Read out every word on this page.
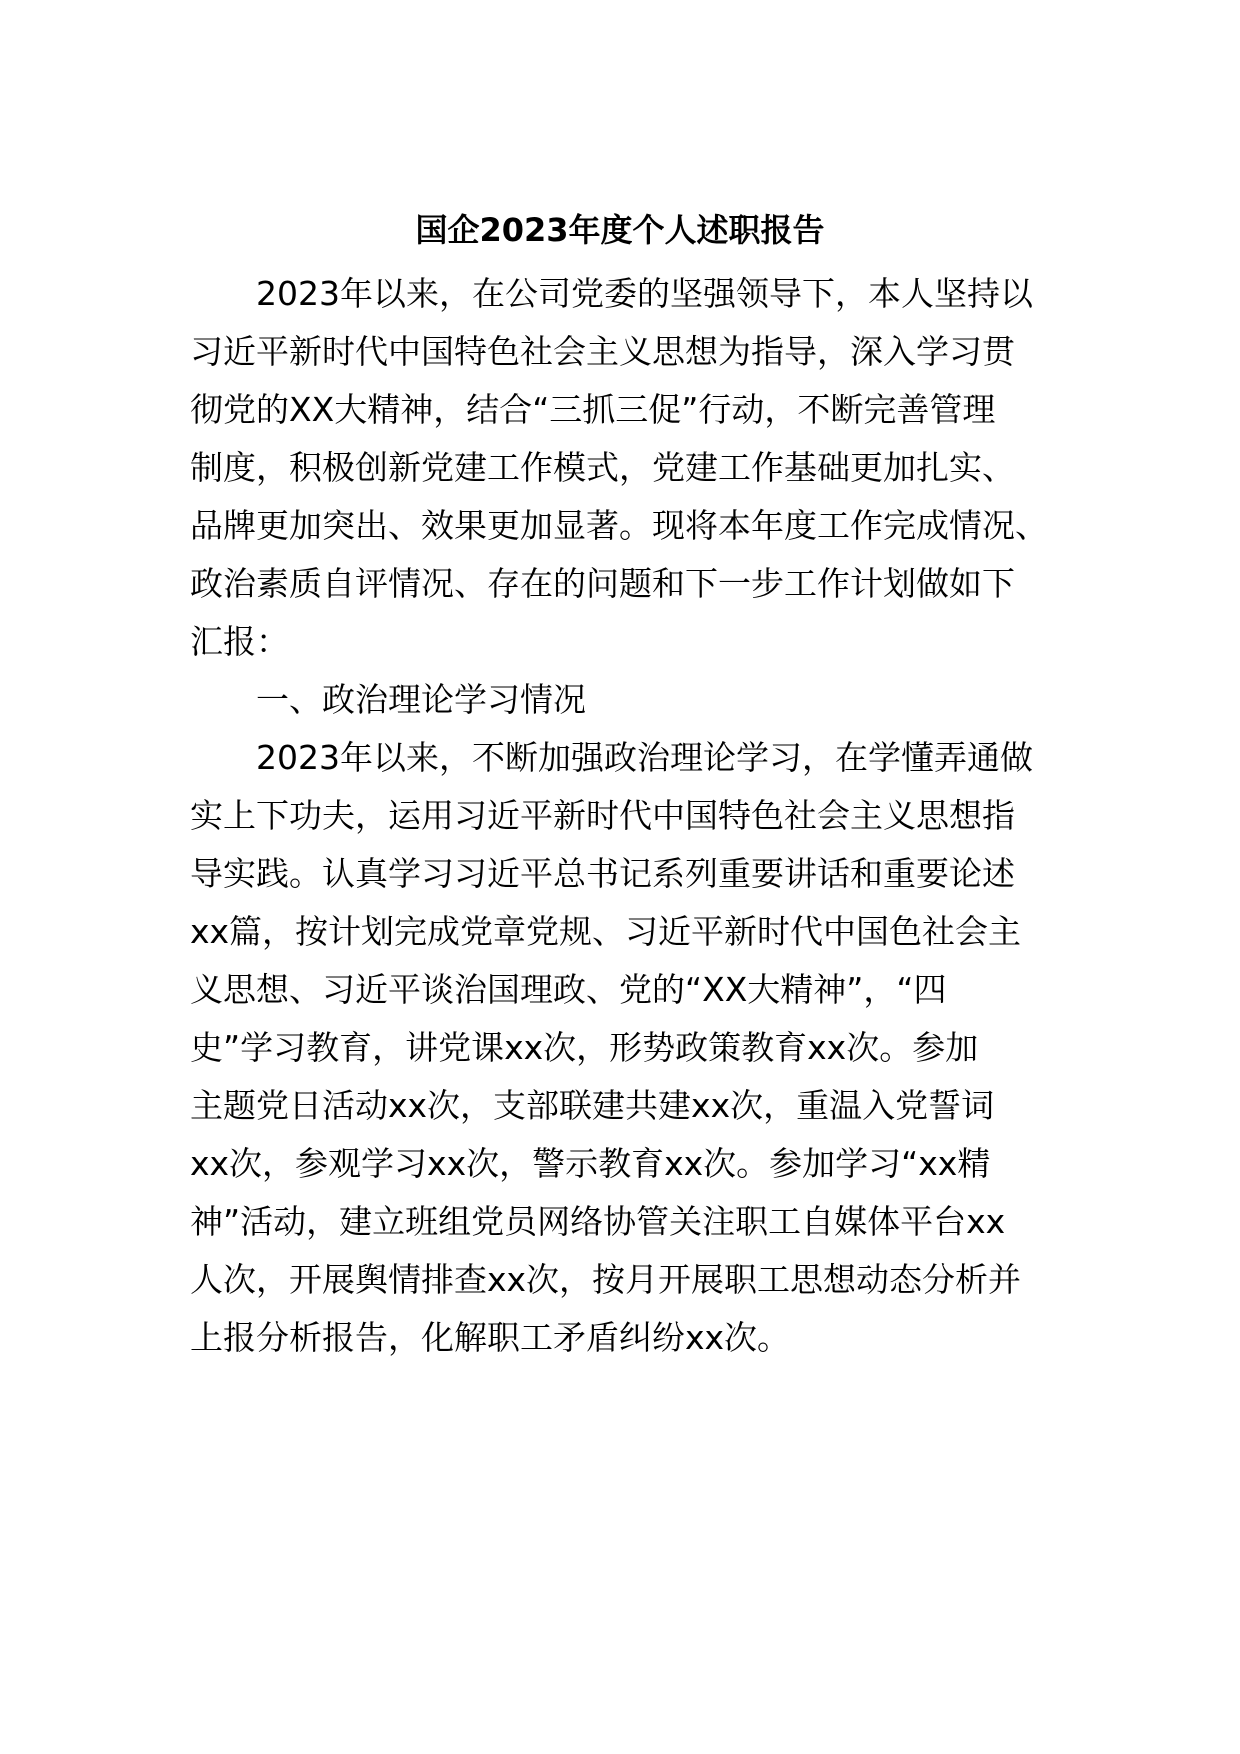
国企2023年度个人述职报告
2023年以来，在公司党委的坚强领导下，本人坚持以
习近平新时代中国特色社会主义思想为指导，深入学习贯
彻党的XX大精神，结合“三抓三促”行动，不断完善管理
制度，积极创新党建工作模式，党建工作基础更加扎实、
品牌更加突出、效果更加显著。现将本年度工作完成情况、
政治素质自评情况、存在的问题和下一步工作计划做如下
汇报：
一、政治理论学习情况
2023年以来，不断加强政治理论学习，在学懂弄通做
实上下功夫，运用习近平新时代中国特色社会主义思想指
导实践。认真学习习近平总书记系列重要讲话和重要论述
xx篇，按计划完成党章党规、习近平新时代中国色社会主
义思想、习近平谈治国理政、党的“XX大精神”，“四
史”学习教育，讲党课xx次，形势政策教育xx次。参加
主题党日活动xx次，支部联建共建xx次，重温入党誓词
xx次，参观学习xx次，警示教育xx次。参加学习“xx精
神”活动，建立班组党员网络协管关注职工自媒体平台xx
人次，开展舆情排查xx次，按月开展职工思想动态分析并
上报分析报告，化解职工矛盾纠纷xx次。
